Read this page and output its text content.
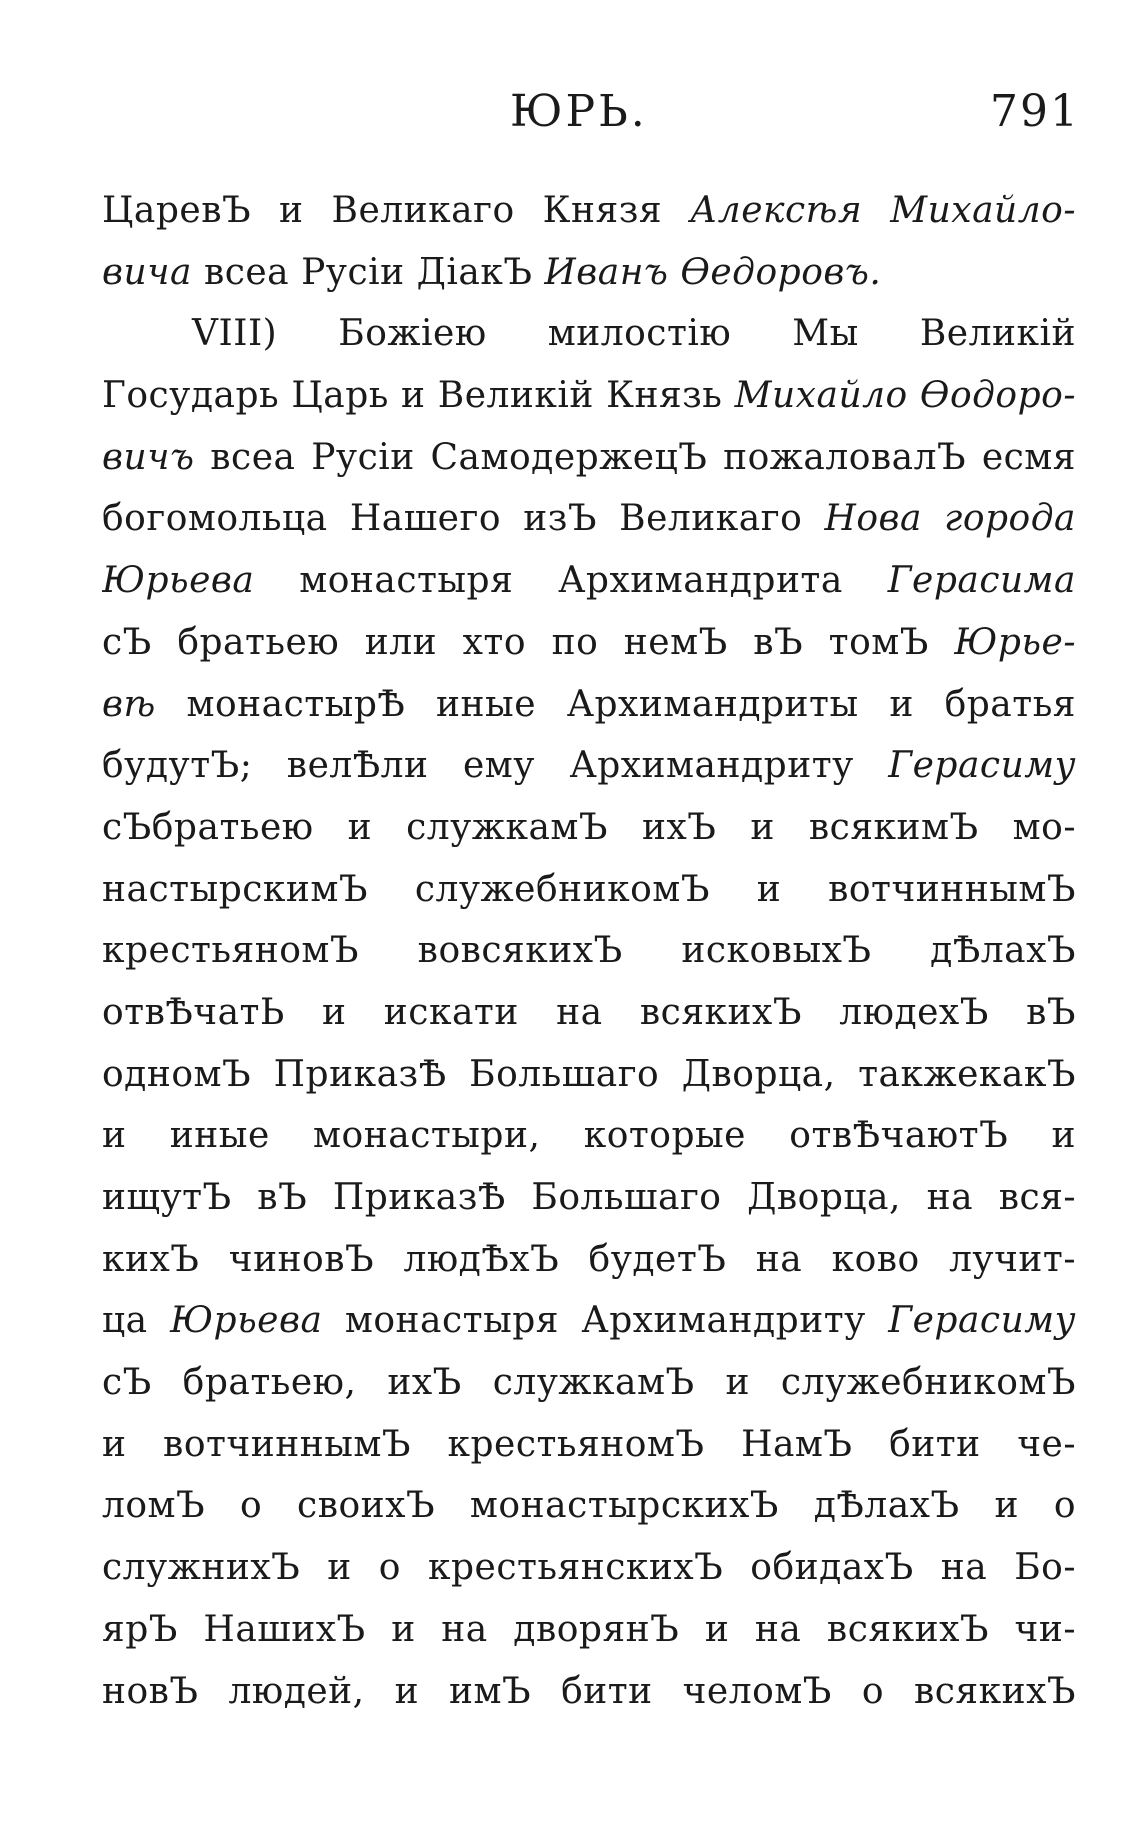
ЮРЬ.	791
ЦаревЪ и Великаго Князя Алексѣя Михайло-
вича всеа Русіи ДіакЪ Иванъ Ѳедоровъ.
VIII) Божіею милостію Мы Великій
Государь Царь и Великій Князь Михайло Ѳодоро-
вичъ всеа Русіи СамодержецЪ пожаловалЪ есмя
богомольца Нашего изЪ Великаго Нова города
Юрьева монастыря Архимандрита Герасима
сЪ братьею или хто по немЪ вЪ томЪ Юрье-
вѣ монастырѢ иные Архимандриты и братья
будутЪ; велѢли ему Архимандриту Герасиму
сЪбратьею и служкамЪ ихЪ и всякимЪ мо-
настырскимЪ служебникомЪ и вотчиннымЪ
крестьяномЪ вовсякихЪ исковыхЪ дѢлахЪ
отвѢчатЬ и искати на всякихЪ людехЪ вЪ
одномЪ ПриказѢ Большаго Дворца, такжекакЪ
и иные монастыри, которые отвѢчаютЪ и
ищутЪ вЪ ПриказѢ Большаго Дворца, на вся-
кихЪ чиновЪ людѢхЪ будетЪ на ково лучит-
ца Юрьева монастыря Архимандриту Герасиму
сЪ братьею, ихЪ служкамЪ и служебникомЪ
и вотчиннымЪ крестьяномЪ НамЪ бити че-
ломЪ о своихЪ монастырскихЪ дѢлахЪ и о
служнихЪ и о крестьянскихЪ обидахЪ на Бо-
ярЪ НашихЪ и на дворянЪ и на всякихЪ чи-
новЪ людей, и имЪ бити челомЪ о всякихЪ
